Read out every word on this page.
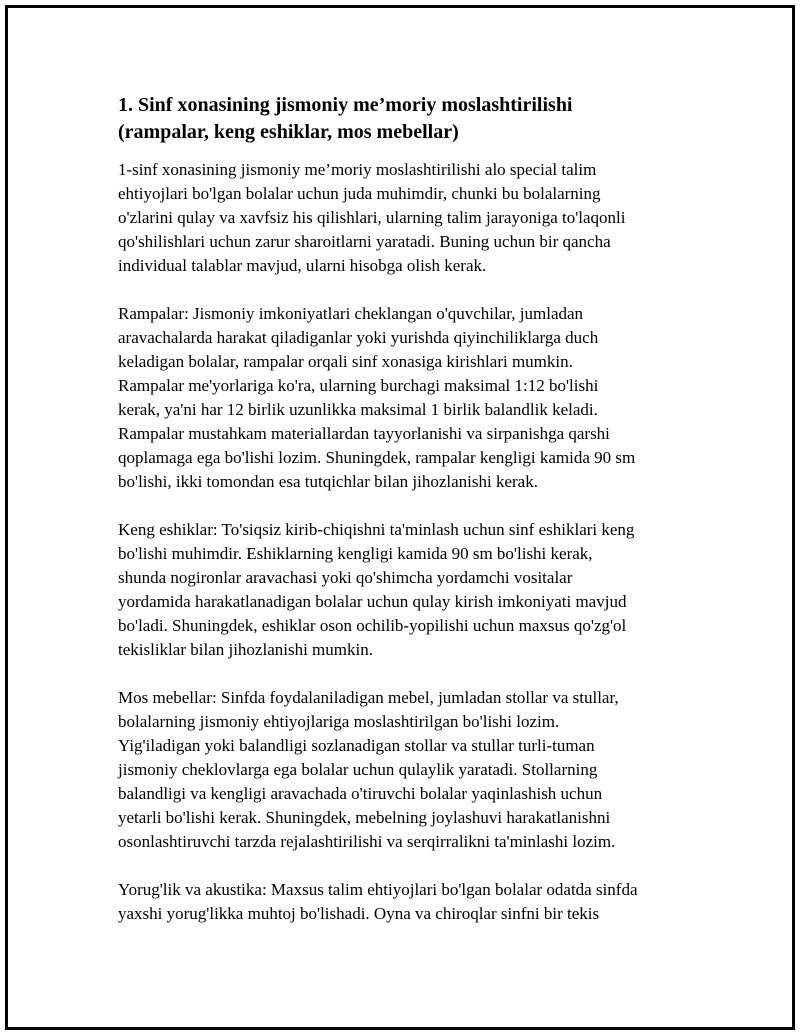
1. Sinf xonasining jismoniy me’moriy moslashtirilishi
(rampalar, keng eshiklar, mos mebellar)

1-sinf xonasining jismoniy me’moriy moslashtirilishi alo special talim
ehtiyojlari bo'lgan bolalar uchun juda muhimdir, chunki bu bolalarning
o'zlarini qulay va xavfsiz his qilishlari, ularning talim jarayoniga to'laqonli
qo'shilishlari uchun zarur sharoitlarni yaratadi. Buning uchun bir qancha
individual talablar mavjud, ularni hisobga olish kerak.

Rampalar: Jismoniy imkoniyatlari cheklangan o'quvchilar, jumladan
aravachalarda harakat qiladiganlar yoki yurishda qiyinchiliklarga duch
keladigan bolalar, rampalar orqali sinf xonasiga kirishlari mumkin.
Rampalar me'yorlariga ko'ra, ularning burchagi maksimal 1:12 bo'lishi
kerak, ya'ni har 12 birlik uzunlikka maksimal 1 birlik balandlik keladi.
Rampalar mustahkam materiallardan tayyorlanishi va sirpanishga qarshi
qoplamaga ega bo'lishi lozim. Shuningdek, rampalar kengligi kamida 90 sm
bo'lishi, ikki tomondan esa tutqichlar bilan jihozlanishi kerak.

Keng eshiklar: To'siqsiz kirib-chiqishni ta'minlash uchun sinf eshiklari keng
bo'lishi muhimdir. Eshiklarning kengligi kamida 90 sm bo'lishi kerak,
shunda nogironlar aravachasi yoki qo'shimcha yordamchi vositalar
yordamida harakatlanadigan bolalar uchun qulay kirish imkoniyati mavjud
bo'ladi. Shuningdek, eshiklar oson ochilib-yopilishi uchun maxsus qo'zg'ol
tekisliklar bilan jihozlanishi mumkin.

Mos mebellar: Sinfda foydalaniladigan mebel, jumladan stollar va stullar,
bolalarning jismoniy ehtiyojlariga moslashtirilgan bo'lishi lozim.
Yig'iladigan yoki balandligi sozlanadigan stollar va stullar turli-tuman
jismoniy cheklovlarga ega bolalar uchun qulaylik yaratadi. Stollarning
balandligi va kengligi aravachada o'tiruvchi bolalar yaqinlashish uchun
yetarli bo'lishi kerak. Shuningdek, mebelning joylashuvi harakatlanishni
osonlashtiruvchi tarzda rejalashtirilishi va serqirralikni ta'minlashi lozim.

Yorug'lik va akustika: Maxsus talim ehtiyojlari bo'lgan bolalar odatda sinfda
yaxshi yorug'likka muhtoj bo'lishadi. Oyna va chiroqlar sinfni bir tekis
